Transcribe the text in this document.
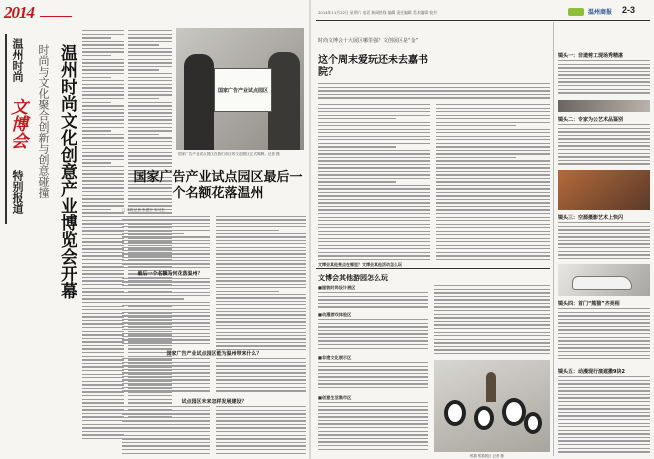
2014
温州时尚
文博会
特别报道 时尚与文化聚合创新与创意碰撞 温州时尚文化创意产业博览会开幕	国家广告产业试点园区
国家广告产业试点园区在我们市区的文创园区正式揭牌。记者 摄
国家广告产业试点园区最后一个名额花落温州
□ 本报记者 朱建宏 实习生
最后一个名额为何花落温州？
国家广告产业试点园区能为温州带来什么？
试点园区未来怎样发展建设？
2014年11月22日 星期六 电话 新闻热线 编辑 责任编辑 美术编辑 校对	温州商报 2-3
时尚文博会十大展区哪里强？文创展区是“金”
这个周末爱玩还未去嘉书院？
文博会其他亮点在哪里？文博会其他活动怎么玩
文博会其他游园怎么玩
■服装时尚设计展区
■动漫游戏体验区
■非遗文化展示区
■创意生活集市区
熊猫 熊猫展区 记者 摄
镜头一：非遗剪工现场秀精湛
镜头二：专家为公艺术品鉴别
镜头三：空源摄影艺术上快闪
镜头四：首门“熊猫”齐亮相
镜头五：动漫现行演遮撒9块2
